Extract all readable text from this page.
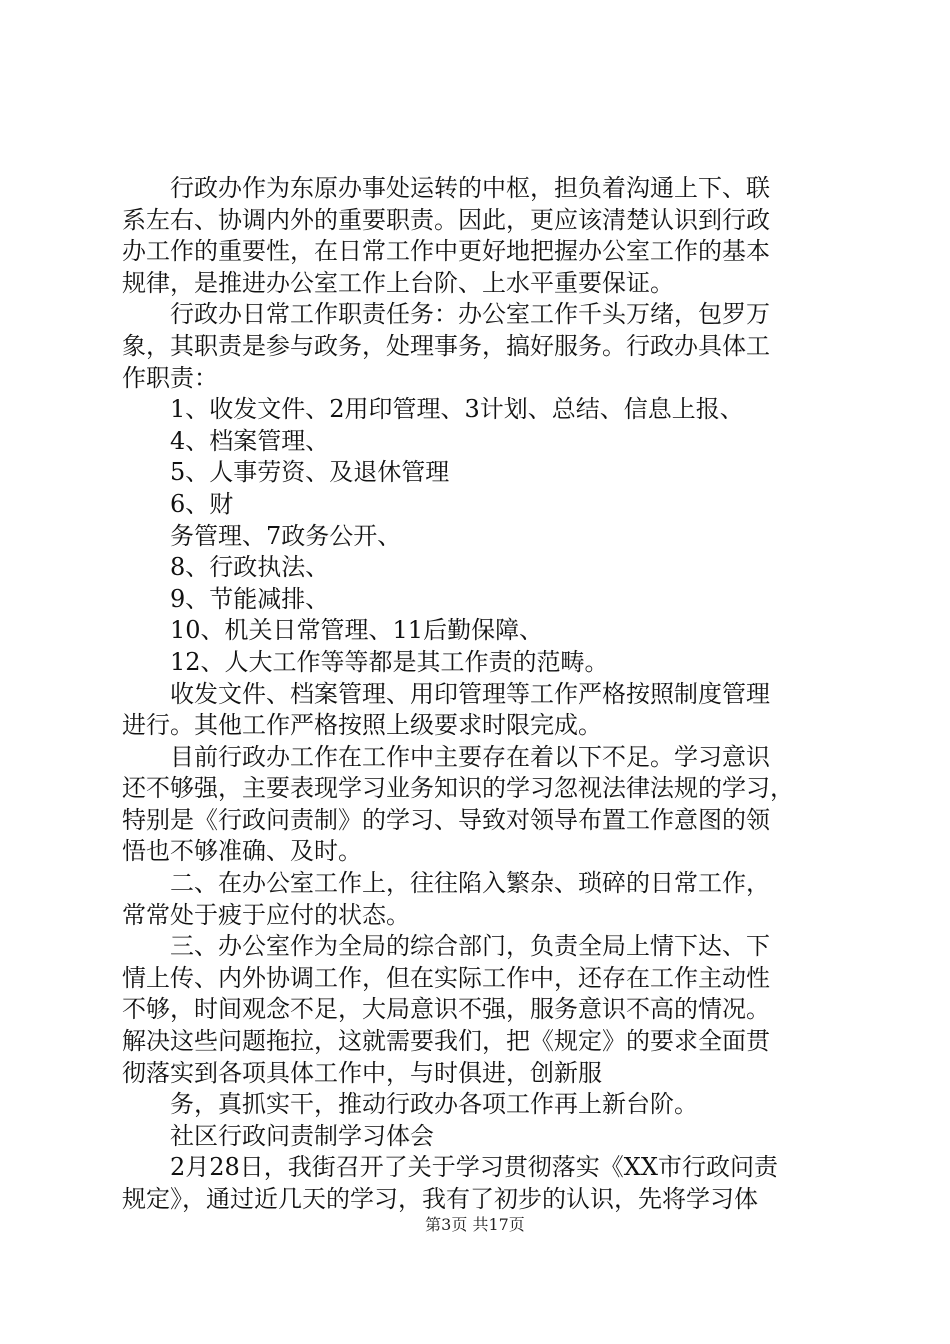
行政办作为东原办事处运转的中枢，担负着沟通上下、联
系左右、协调内外的重要职责。因此，更应该清楚认识到行政
办工作的重要性，在日常工作中更好地把握办公室工作的基本
规律，是推进办公室工作上台阶、上水平重要保证。
行政办日常工作职责任务：办公室工作千头万绪，包罗万
象，其职责是参与政务，处理事务，搞好服务。行政办具体工
作职责：
1、收发文件、2用印管理、3计划、总结、信息上报、
4、档案管理、
5、人事劳资、及退休管理
6、财
务管理、7政务公开、
8、行政执法、
9、节能减排、
10、机关日常管理、11后勤保障、
12、人大工作等等都是其工作责的范畴。
收发文件、档案管理、用印管理等工作严格按照制度管理
进行。其他工作严格按照上级要求时限完成。
目前行政办工作在工作中主要存在着以下不足。学习意识
还不够强，主要表现学习业务知识的学习忽视法律法规的学习，
特别是《行政问责制》的学习、导致对领导布置工作意图的领
悟也不够准确、及时。
二、在办公室工作上，往往陷入繁杂、琐碎的日常工作，
常常处于疲于应付的状态。
三、办公室作为全局的综合部门，负责全局上情下达、下
情上传、内外协调工作，但在实际工作中，还存在工作主动性
不够，时间观念不足，大局意识不强，服务意识不高的情况。
解决这些问题拖拉，这就需要我们，把《规定》的要求全面贯
彻落实到各项具体工作中，与时俱进，创新服
务，真抓实干，推动行政办各项工作再上新台阶。
社区行政问责制学习体会
2月28日，我街召开了关于学习贯彻落实《XX市行政问责
规定》，通过近几天的学习，我有了初步的认识，先将学习体
第3页 共17页
